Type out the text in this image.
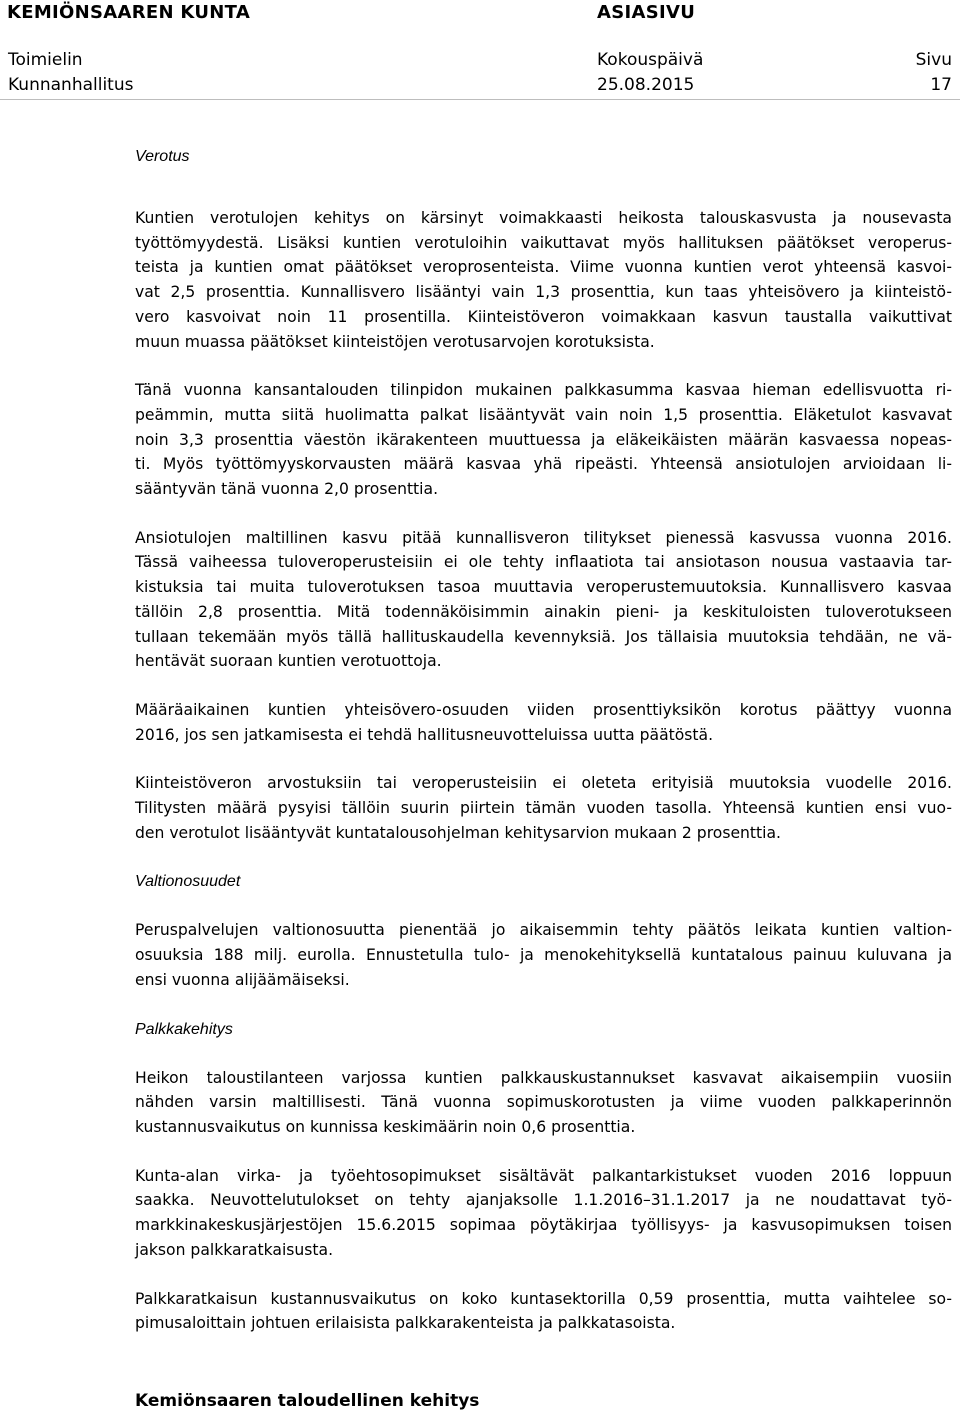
KEMIÖNSAAREN KUNTA	ASIASIVU
Toimielin	Kokouspäivä	Sivu
Kunnanhallitus	25.08.2015	17

Verotus

Kuntien verotulojen kehitys on kärsinyt voimakkaasti heikosta talouskasvusta ja nousevasta
työttömyydestä. Lisäksi kuntien verotuloihin vaikuttavat myös hallituksen päätökset veroperus-
teista ja kuntien omat päätökset veroprosenteista. Viime vuonna kuntien verot yhteensä kasvoi-
vat 2,5 prosenttia. Kunnallisvero lisääntyi vain 1,3 prosenttia, kun taas yhteisövero ja kiinteistö-
vero kasvoivat noin 11 prosentilla. Kiinteistöveron voimakkaan kasvun taustalla vaikuttivat
muun muassa päätökset kiinteistöjen verotusarvojen korotuksista.

Tänä vuonna kansantalouden tilinpidon mukainen palkkasumma kasvaa hieman edellisvuotta ri-
peämmin, mutta siitä huolimatta palkat lisääntyvät vain noin 1,5 prosenttia. Eläketulot kasvavat
noin 3,3 prosenttia väestön ikärakenteen muuttuessa ja eläkeikäisten määrän kasvaessa nopeas-
ti. Myös työttömyyskorvausten määrä kasvaa yhä ripeästi. Yhteensä ansiotulojen arvioidaan li-
sääntyvän tänä vuonna 2,0 prosenttia.

Ansiotulojen maltillinen kasvu pitää kunnallisveron tilitykset pienessä kasvussa vuonna 2016.
Tässä vaiheessa tuloveroperusteisiin ei ole tehty inflaatiota tai ansiotason nousua vastaavia tar-
kistuksia tai muita tuloverotuksen tasoa muuttavia veroperustemuutoksia. Kunnallisvero kasvaa
tällöin 2,8 prosenttia. Mitä todennäköisimmin ainakin pieni- ja keskituloisten tuloverotukseen
tullaan tekemään myös tällä hallituskaudella kevennyksiä. Jos tällaisia muutoksia tehdään, ne vä-
hentävät suoraan kuntien verotuottoja.

Määräaikainen kuntien yhteisövero-osuuden viiden prosenttiyksikön korotus päättyy vuonna
2016, jos sen jatkamisesta ei tehdä hallitusneuvotteluissa uutta päätöstä.

Kiinteistöveron arvostuksiin tai veroperusteisiin ei oleteta erityisiä muutoksia vuodelle 2016.
Tilitysten määrä pysyisi tällöin suurin piirtein tämän vuoden tasolla. Yhteensä kuntien ensi vuo-
den verotulot lisääntyvät kuntatalousohjelman kehitysarvion mukaan 2 prosenttia.

Valtionosuudet

Peruspalvelujen valtionosuutta pienentää jo aikaisemmin tehty päätös leikata kuntien valtion-
osuuksia 188 milj. eurolla. Ennustetulla tulo- ja menokehityksellä kuntatalous painuu kuluvana ja
ensi vuonna alijäämäiseksi.

Palkkakehitys

Heikon taloustilanteen varjossa kuntien palkkauskustannukset kasvavat aikaisempiin vuosiin
nähden varsin maltillisesti. Tänä vuonna sopimuskorotusten ja viime vuoden palkkaperinnön
kustannusvaikutus on kunnissa keskimäärin noin 0,6 prosenttia.

Kunta-alan virka- ja työehtosopimukset sisältävät palkantarkistukset vuoden 2016 loppuun
saakka. Neuvottelutulokset on tehty ajanjaksolle 1.1.2016–31.1.2017 ja ne noudattavat työ-
markkinakeskusjärjestöjen 15.6.2015 sopimaa pöytäkirjaa työllisyys- ja kasvusopimuksen toisen
jakson palkkaratkaisusta.

Palkkaratkaisun kustannusvaikutus on koko kuntasektorilla 0,59 prosenttia, mutta vaihtelee so-
pimusaloittain johtuen erilaisista palkkarakenteista ja palkkatasoista.

Kemiönsaaren taloudellinen kehitys
